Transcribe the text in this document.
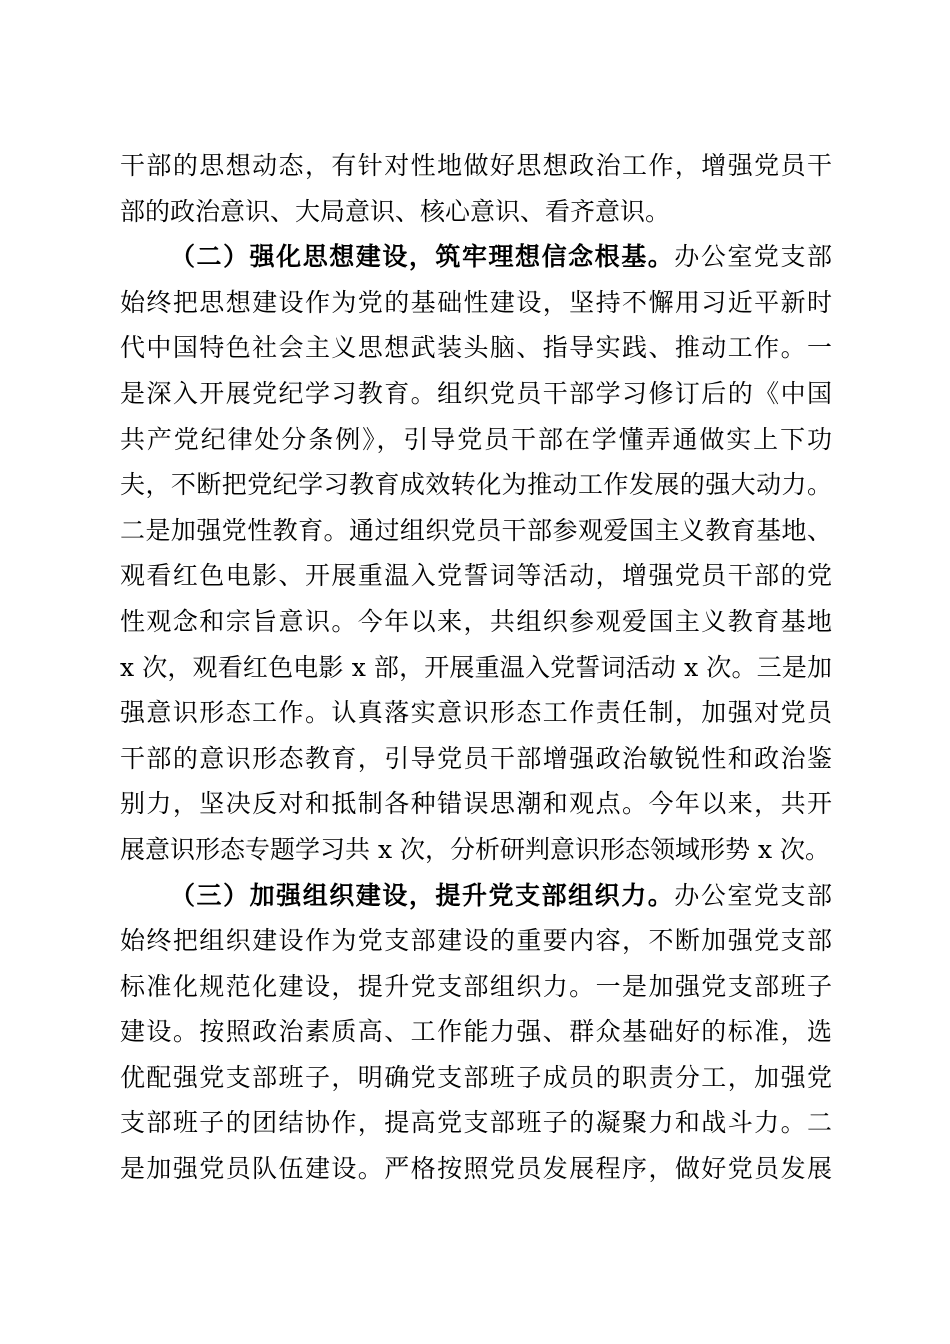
干部的思想动态，有针对性地做好思想政治工作，增强党员干
部的政治意识、大局意识、核心意识、看齐意识。
（二）强化思想建设，筑牢理想信念根基。办公室党支部
始终把思想建设作为党的基础性建设，坚持不懈用习近平新时
代中国特色社会主义思想武装头脑、指导实践、推动工作。一
是深入开展党纪学习教育。组织党员干部学习修订后的《中国
共产党纪律处分条例》，引导党员干部在学懂弄通做实上下功
夫，不断把党纪学习教育成效转化为推动工作发展的强大动力。
二是加强党性教育。通过组织党员干部参观爱国主义教育基地、
观看红色电影、开展重温入党誓词等活动，增强党员干部的党
性观念和宗旨意识。今年以来，共组织参观爱国主义教育基地
x 次，观看红色电影 x 部，开展重温入党誓词活动 x 次。三是加
强意识形态工作。认真落实意识形态工作责任制，加强对党员
干部的意识形态教育，引导党员干部增强政治敏锐性和政治鉴
别力，坚决反对和抵制各种错误思潮和观点。今年以来，共开
展意识形态专题学习共 x 次，分析研判意识形态领域形势 x 次。
（三）加强组织建设，提升党支部组织力。办公室党支部
始终把组织建设作为党支部建设的重要内容，不断加强党支部
标准化规范化建设，提升党支部组织力。一是加强党支部班子
建设。按照政治素质高、工作能力强、群众基础好的标准，选
优配强党支部班子，明确党支部班子成员的职责分工，加强党
支部班子的团结协作，提高党支部班子的凝聚力和战斗力。二
是加强党员队伍建设。严格按照党员发展程序，做好党员发展
